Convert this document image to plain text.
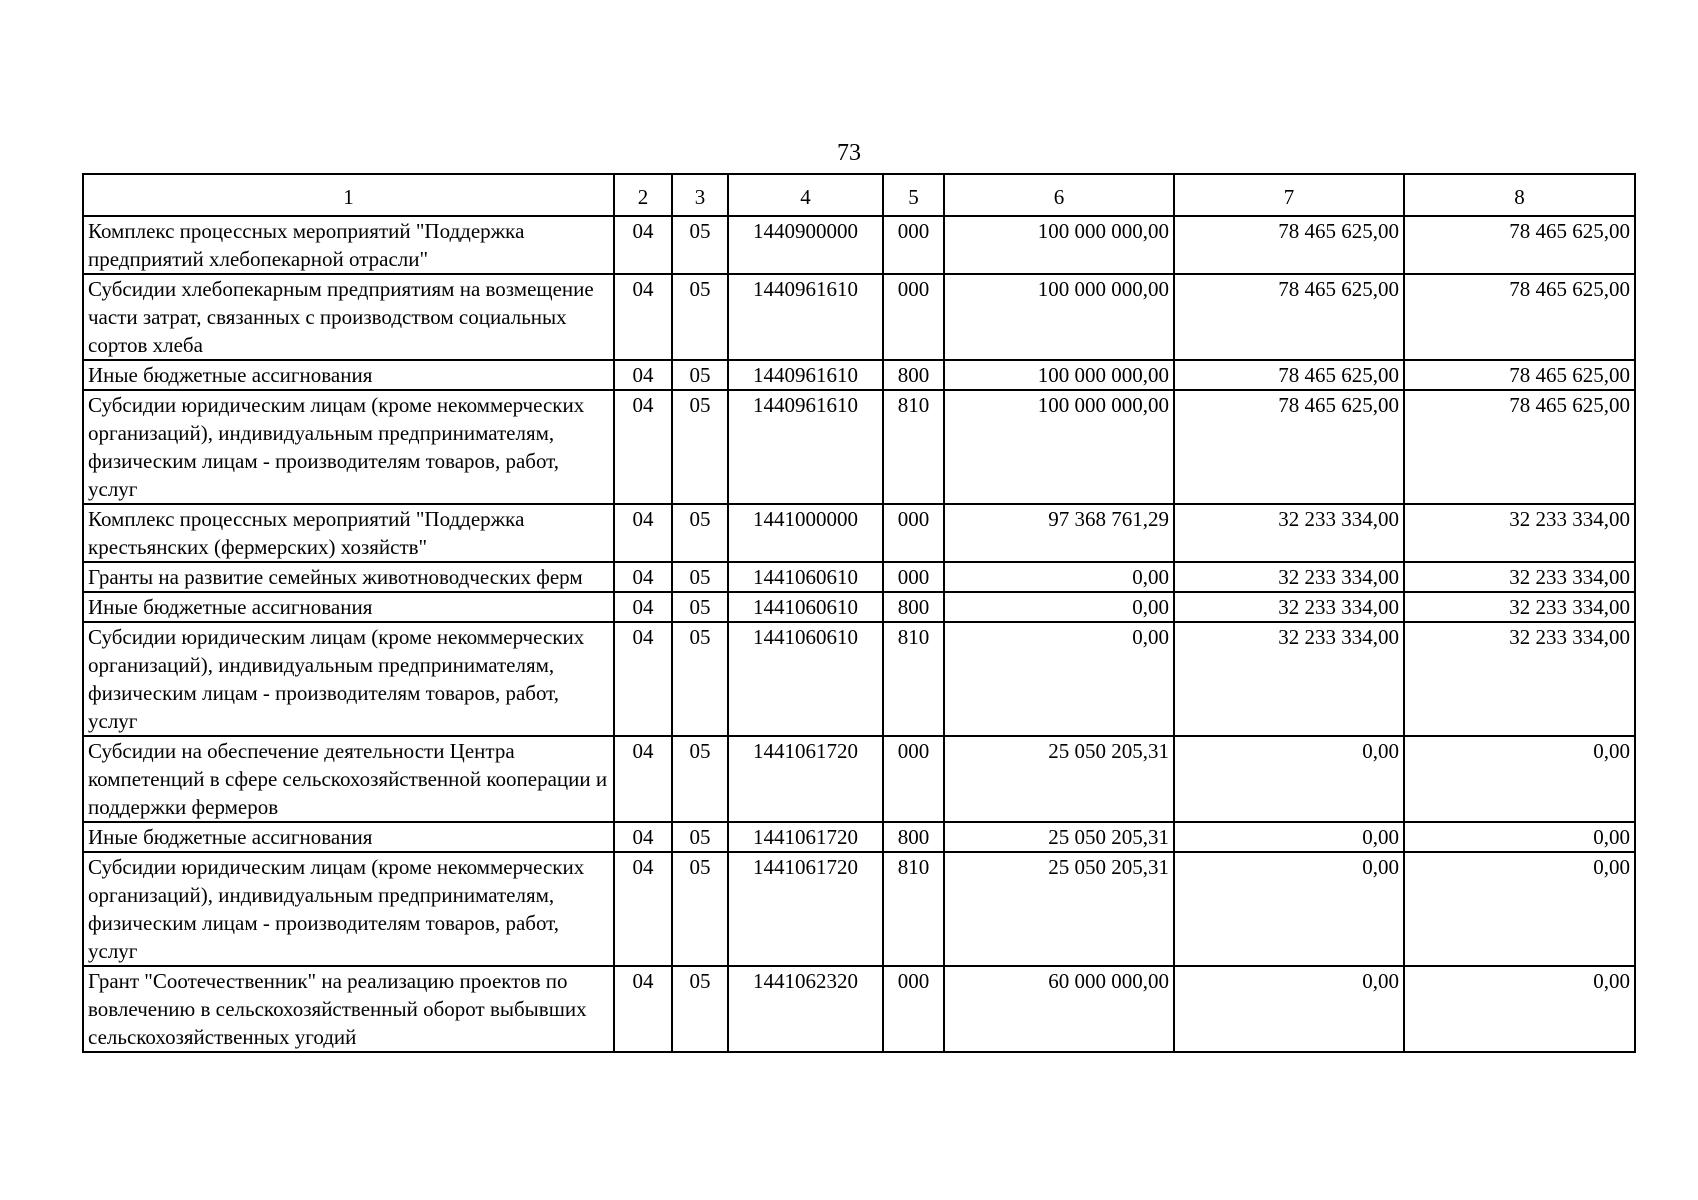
73
1	2	3	4	5	6	7	8
Комплекс процессных мероприятий "Поддержка предприятий хлебопекарной отрасли"	04	05	1440900000	000	100 000 000,00	78 465 625,00	78 465 625,00
Субсидии хлебопекарным предприятиям на возмещение части затрат, связанных с производством социальных сортов хлеба	04	05	1440961610	000	100 000 000,00	78 465 625,00	78 465 625,00
Иные бюджетные ассигнования	04	05	1440961610	800	100 000 000,00	78 465 625,00	78 465 625,00
Субсидии юридическим лицам (кроме некоммерческих организаций), индивидуальным предпринимателям, физическим лицам - производителям товаров, работ, услуг	04	05	1440961610	810	100 000 000,00	78 465 625,00	78 465 625,00
Комплекс процессных мероприятий "Поддержка крестьянских (фермерских) хозяйств"	04	05	1441000000	000	97 368 761,29	32 233 334,00	32 233 334,00
Гранты на развитие семейных животноводческих ферм	04	05	1441060610	000	0,00	32 233 334,00	32 233 334,00
Иные бюджетные ассигнования	04	05	1441060610	800	0,00	32 233 334,00	32 233 334,00
Субсидии юридическим лицам (кроме некоммерческих организаций), индивидуальным предпринимателям, физическим лицам - производителям товаров, работ, услуг	04	05	1441060610	810	0,00	32 233 334,00	32 233 334,00
Субсидии на обеспечение деятельности Центра компетенций в сфере сельскохозяйственной кооперации и поддержки фермеров	04	05	1441061720	000	25 050 205,31	0,00	0,00
Иные бюджетные ассигнования	04	05	1441061720	800	25 050 205,31	0,00	0,00
Субсидии юридическим лицам (кроме некоммерческих организаций), индивидуальным предпринимателям, физическим лицам - производителям товаров, работ, услуг	04	05	1441061720	810	25 050 205,31	0,00	0,00
Грант "Соотечественник" на реализацию проектов по вовлечению в сельскохозяйственный оборот выбывших сельскохозяйственных угодий	04	05	1441062320	000	60 000 000,00	0,00	0,00
